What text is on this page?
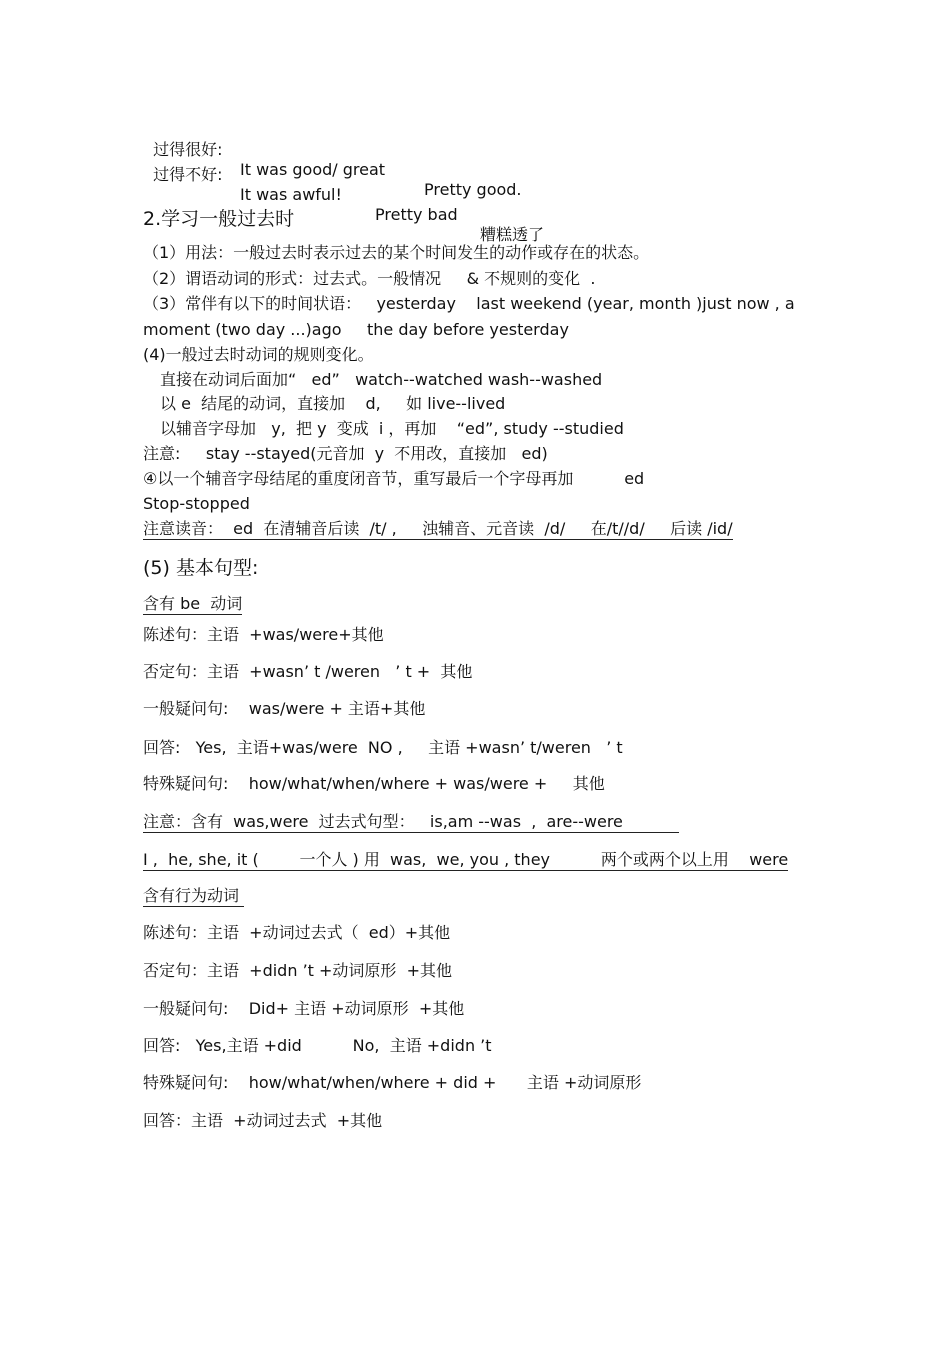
过得很好:

It was good/ great

Pretty good.

过得不好:

It was awful!

Pretty bad

糟糕透了

2.学习一般过去时
（1）用法：一般过去时表示过去的某个时间发生的动作或存在的状态。
（2）谓语动词的形式：过去式。一般情况     & 不规则的变化  .
（3）常伴有以下的时间状语：   yesterday    last weekend (year, month )just now , a
moment (two day ...)ago     the day before yesterday
(4)一般过去时动词的规则变化。
直接在动词后面加“   ed”   watch--watched wash--washed
以 e  结尾的动词，直接加    d,     如 live--lived
以辅音字母加   y,  把 y  变成  i ，再加    “ed”, study --studied
注意:     stay --stayed(元音加  y  不用改，直接加   ed)
④以一个辅音字母结尾的重度闭音节，重写最后一个字母再加          ed
Stop-stopped
注意读音：  ed  在清辅音后读  /t/ ,     浊辅音、元音读  /d/     在/t//d/     后读 /id/
(5) 基本句型:
含有 be  动词
陈述句：主语  +was/were+其他
否定句：主语  +wasn’ t /weren   ’ t +  其他
一般疑问句:    was/were + 主语+其他
回答:   Yes,  主语+was/were  NO ,     主语 +wasn’ t/weren   ’ t
特殊疑问句:    how/what/when/where + was/were +     其他
注意：含有  was,were  过去式句型：   is,am --was  ,  are--were
I ,  he, she, it (        一个人 ) 用  was,  we, you , they          两个或两个以上用    were
含有行为动词
陈述句：主语  +动词过去式（  ed）+其他
否定句：主语  +didn ’t +动词原形  +其他
一般疑问句:    Did+ 主语 +动词原形  +其他
回答:   Yes,主语 +did          No,  主语 +didn ’t
特殊疑问句:    how/what/when/where + did +      主语 +动词原形
回答：主语  +动词过去式  +其他
